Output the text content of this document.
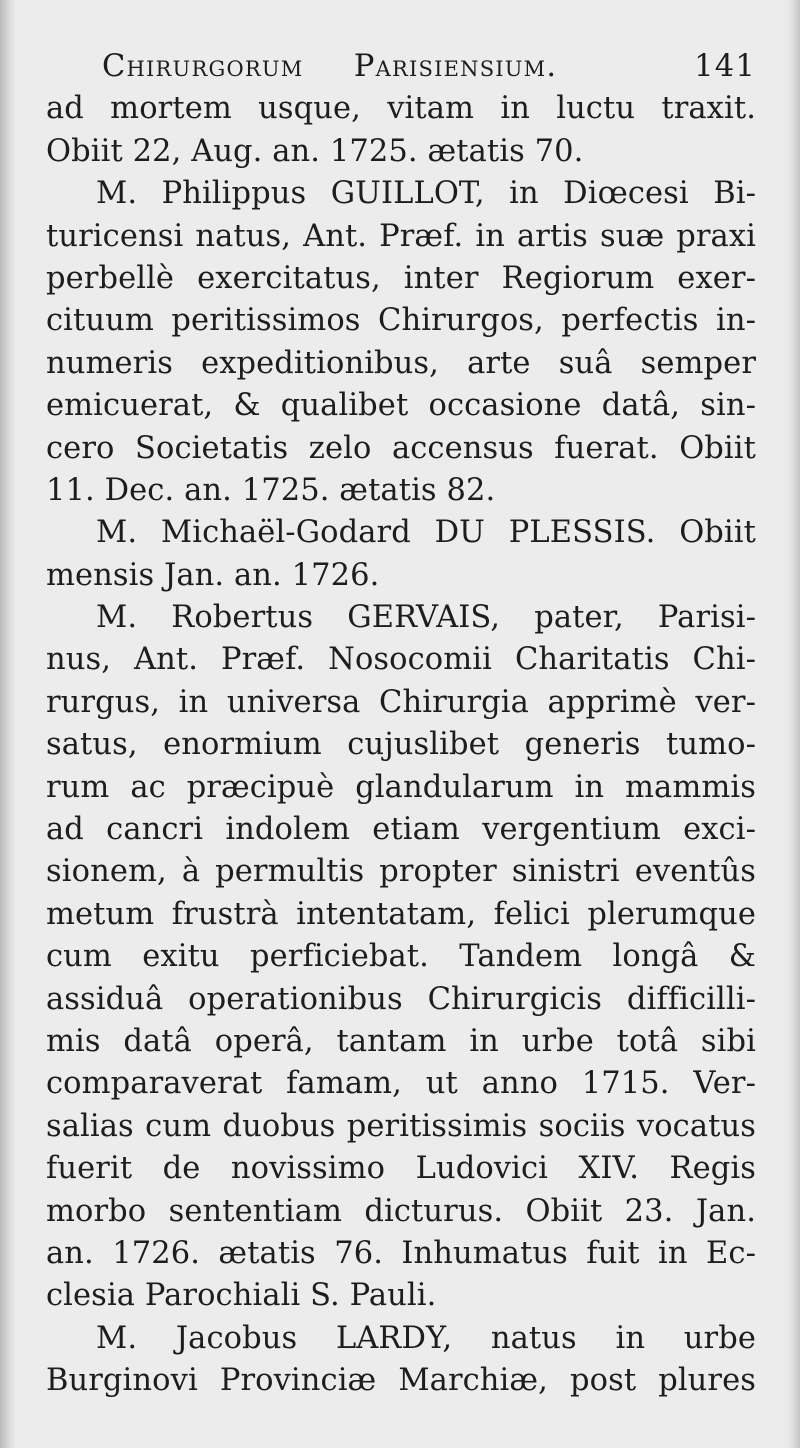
Chirurgorum Parisiensium.	141
ad mortem usque, vitam in luctu traxit.
Obiit 22, Aug. an. 1725. ætatis 70.
M. Philippus GUILLOT, in Diœcesi Bi-
turicensi natus, Ant. Præf. in artis suæ praxi
perbellè exercitatus, inter Regiorum exer-
cituum peritissimos Chirurgos, perfectis in-
numeris expeditionibus, arte suâ semper
emicuerat, & qualibet occasione datâ, sin-
cero Societatis zelo accensus fuerat. Obiit
11. Dec. an. 1725. ætatis 82.
M. Michaël-Godard DU PLESSIS. Obiit
mensis Jan. an. 1726.
M. Robertus GERVAIS, pater, Parisi-
nus, Ant. Præf. Nosocomii Charitatis Chi-
rurgus, in universa Chirurgia apprimè ver-
satus, enormium cujuslibet generis tumo-
rum ac præcipuè glandularum in mammis
ad cancri indolem etiam vergentium exci-
sionem, à permultis propter sinistri eventûs
metum frustrà intentatam, felici plerumque
cum exitu perficiebat. Tandem longâ &
assiduâ operationibus Chirurgicis difficilli-
mis datâ operâ, tantam in urbe totâ sibi
comparaverat famam, ut anno 1715. Ver-
salias cum duobus peritissimis sociis vocatus
fuerit de novissimo Ludovici XIV. Regis
morbo sententiam dicturus. Obiit 23. Jan.
an. 1726. ætatis 76. Inhumatus fuit in Ec-
clesia Parochiali S. Pauli.
M. Jacobus LARDY, natus in urbe
Burginovi Provinciæ Marchiæ, post plures
